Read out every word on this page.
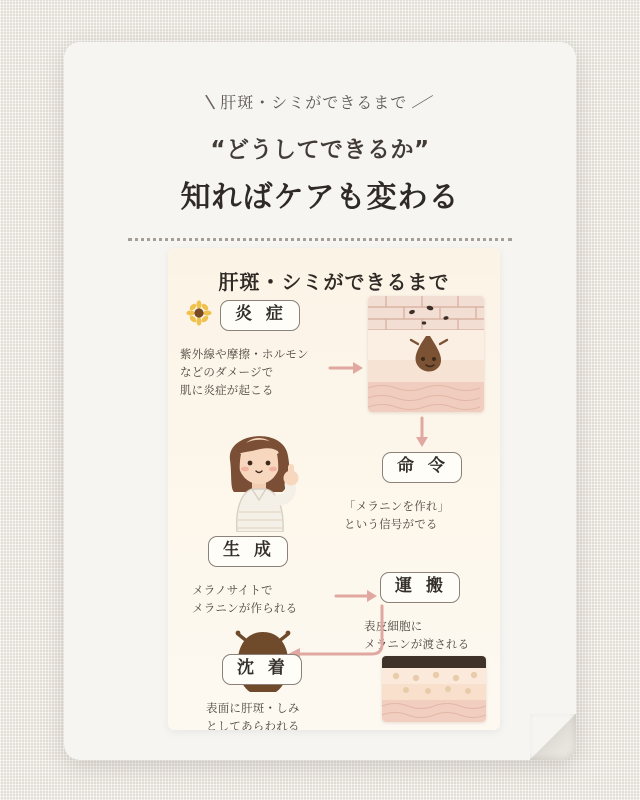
\ 肝斑・シミができるまで ／
“どうしてできるか”
知ればケアも変わる
肝斑・シミができるまで
炎 症
紫外線や摩擦・ホルモン
などのダメージで
肌に炎症が起こる
命 令
「メラニンを作れ」
という信号がでる
生 成
メラノサイトで
メラニンが作られる
運 搬
表皮細胞に
メラニンが渡される
沈 着
表面に肝斑・しみ
としてあらわれる
